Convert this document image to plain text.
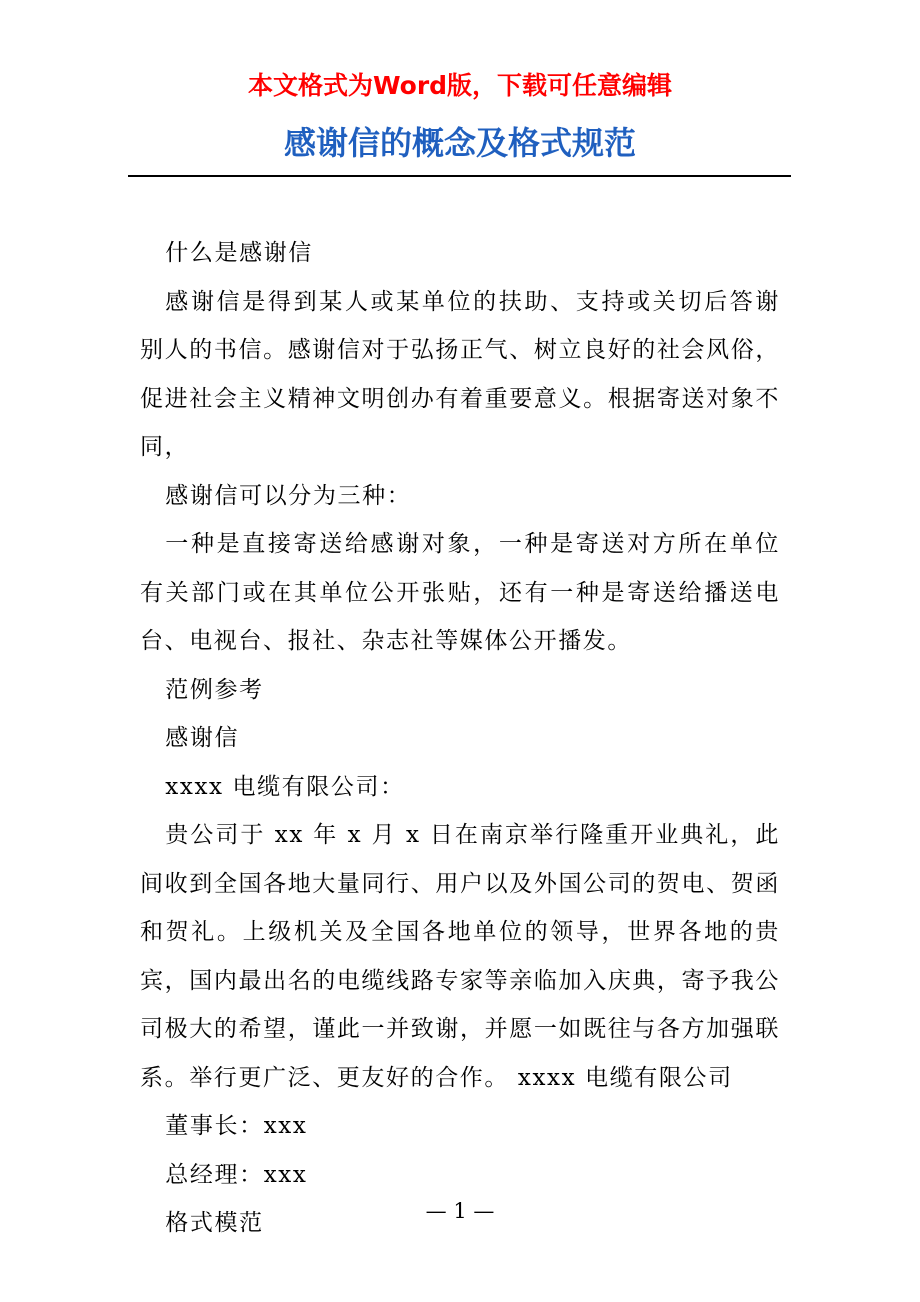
本文格式为Word版，下载可任意编辑
感谢信的概念及格式规范

什么是感谢信

感谢信是得到某人或某单位的扶助、支持或关切后答谢别人的书信。感谢信对于弘扬正气、树立良好的社会风俗，促进社会主义精神文明创办有着重要意义。根据寄送对象不同，

感谢信可以分为三种：

一种是直接寄送给感谢对象，一种是寄送对方所在单位有关部门或在其单位公开张贴，还有一种是寄送给播送电台、电视台、报社、杂志社等媒体公开播发。

范例参考

感谢信

xxxx 电缆有限公司：

贵公司于 xx 年 x 月 x 日在南京举行隆重开业典礼，此间收到全国各地大量同行、用户以及外国公司的贺电、贺函和贺礼。上级机关及全国各地单位的领导，世界各地的贵宾，国内最出名的电缆线路专家等亲临加入庆典，寄予我公司极大的希望，谨此一并致谢，并愿一如既往与各方加强联系。举行更广泛、更友好的合作。 xxxx 电缆有限公司

董事长：xxx

总经理：xxx

格式模范	— 1 —
